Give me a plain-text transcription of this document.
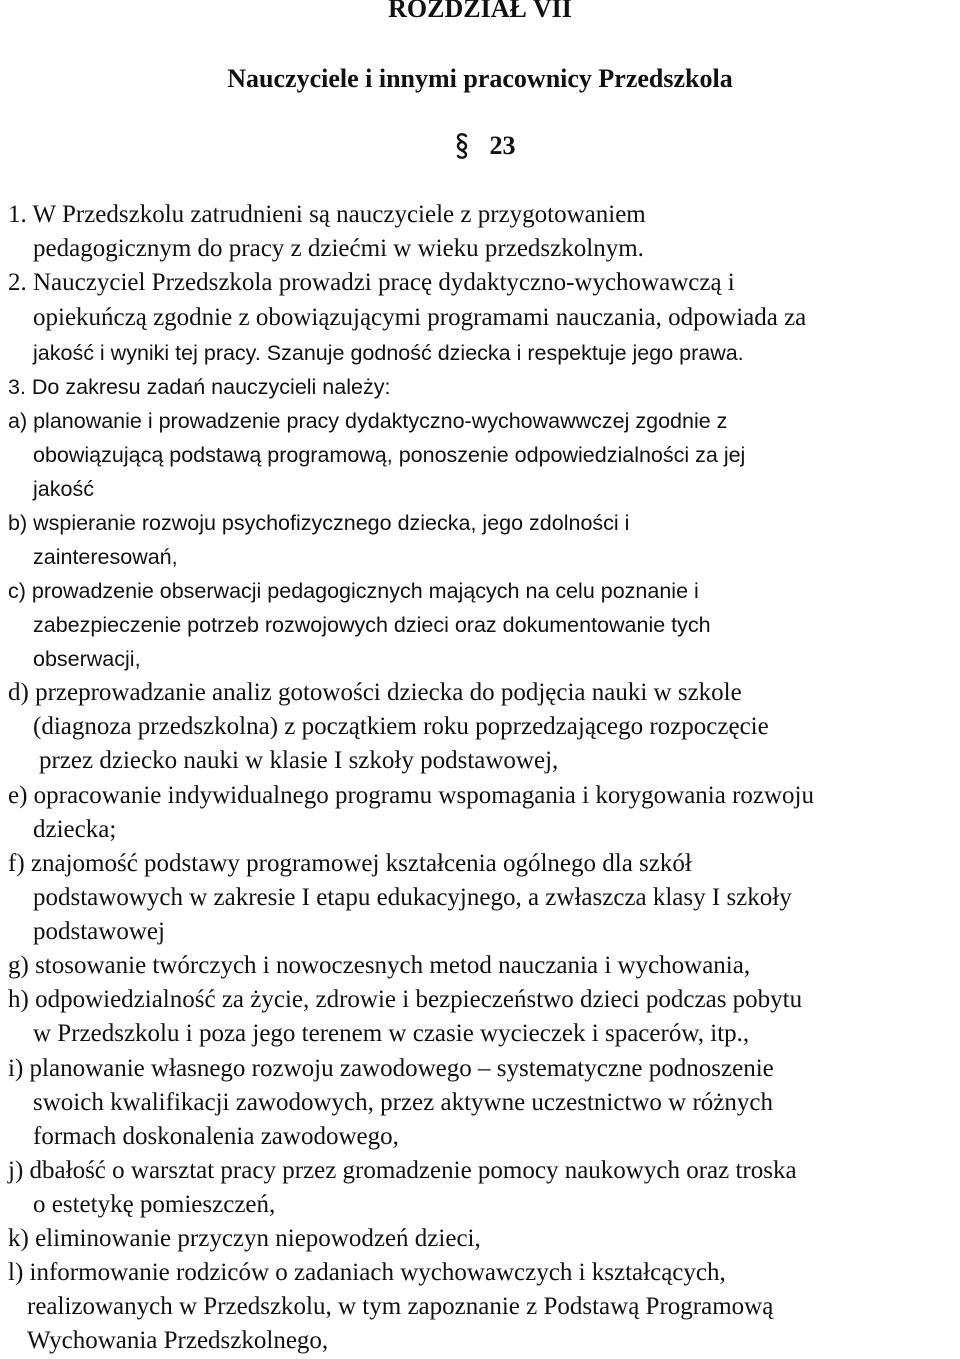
ROZDZIAŁ VII
Nauczyciele i innymi pracownicy Przedszkola
23
1. W Przedszkolu zatrudnieni są nauczyciele z przygotowaniem
pedagogicznym do pracy z dziećmi w wieku przedszkolnym.
2. Nauczyciel Przedszkola prowadzi pracę dydaktyczno-wychowawczą i
opiekuńczą zgodnie z obowiązującymi programami nauczania, odpowiada za
jakość i wyniki tej pracy. Szanuje godność dziecka i respektuje jego prawa.
3. Do zakresu zadań nauczycieli należy:
a) planowanie i prowadzenie pracy dydaktyczno-wychowawwczej zgodnie z
obowiązującą podstawą programową, ponoszenie odpowiedzialności za jej
jakość
b) wspieranie rozwoju psychofizycznego dziecka, jego zdolności i
zainteresowań,
c) prowadzenie obserwacji pedagogicznych mających na celu poznanie i
zabezpieczenie potrzeb rozwojowych dzieci oraz dokumentowanie tych
obserwacji,
d) przeprowadzanie analiz gotowości dziecka do podjęcia nauki w szkole
(diagnoza przedszkolna) z początkiem roku poprzedzającego rozpoczęcie
przez dziecko nauki w klasie I szkoły podstawowej,
e) opracowanie indywidualnego programu wspomagania i korygowania rozwoju
dziecka;
f) znajomość podstawy programowej kształcenia ogólnego dla szkół
podstawowych w zakresie I etapu edukacyjnego, a zwłaszcza klasy I szkoły
podstawowej
g) stosowanie twórczych i nowoczesnych metod nauczania i wychowania,
h) odpowiedzialność za życie, zdrowie i bezpieczeństwo dzieci podczas pobytu
w Przedszkolu i poza jego terenem w czasie wycieczek i spacerów, itp.,
i) planowanie własnego rozwoju zawodowego – systematyczne podnoszenie
swoich kwalifikacji zawodowych, przez aktywne uczestnictwo w różnych
formach doskonalenia zawodowego,
j) dbałość o warsztat pracy przez gromadzenie pomocy naukowych oraz troska
o estetykę pomieszczeń,
k) eliminowanie przyczyn niepowodzeń dzieci,
l) informowanie rodziców o zadaniach wychowawczych i kształcących,
realizowanych w Przedszkolu, w tym zapoznanie z Podstawą Programową
Wychowania Przedszkolnego,
